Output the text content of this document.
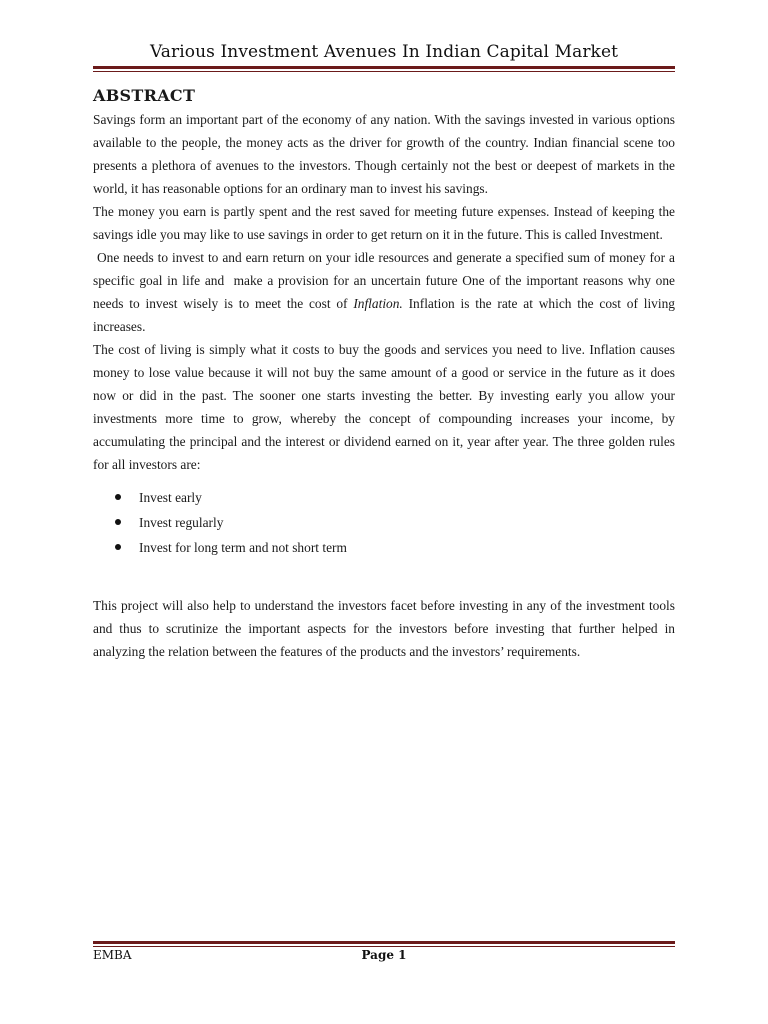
Various Investment Avenues In Indian Capital Market
ABSTRACT

Savings form an important part of the economy of any nation. With the savings invested in various options available to the people, the money acts as the driver for growth of the country. Indian financial scene too presents a plethora of avenues to the investors. Though certainly not the best or deepest of markets in the world, it has reasonable options for an ordinary man to invest his savings.

The money you earn is partly spent and the rest saved for meeting future expenses. Instead of keeping the savings idle you may like to use savings in order to get return on it in the future. This is called Investment.

One needs to invest to and earn return on your idle resources and generate a specified sum of money for a specific goal in life and  make a provision for an uncertain future One of the important reasons why one needs to invest wisely is to meet the cost of Inflation. Inflation is the rate at which the cost of living increases.

The cost of living is simply what it costs to buy the goods and services you need to live. Inflation causes money to lose value because it will not buy the same amount of a good or service in the future as it does now or did in the past. The sooner one starts investing the better. By investing early you allow your investments more time to grow, whereby the concept of compounding increases your income, by accumulating the principal and the interest or dividend earned on it, year after year. The three golden rules for all investors are:

Invest early
Invest regularly
Invest for long term and not short term

This project will also help to understand the investors facet before investing in any of the investment tools and thus to scrutinize the important aspects for the investors before investing that further helped in analyzing the relation between the features of the products and the investors’ requirements.

EMBA	Page 1
